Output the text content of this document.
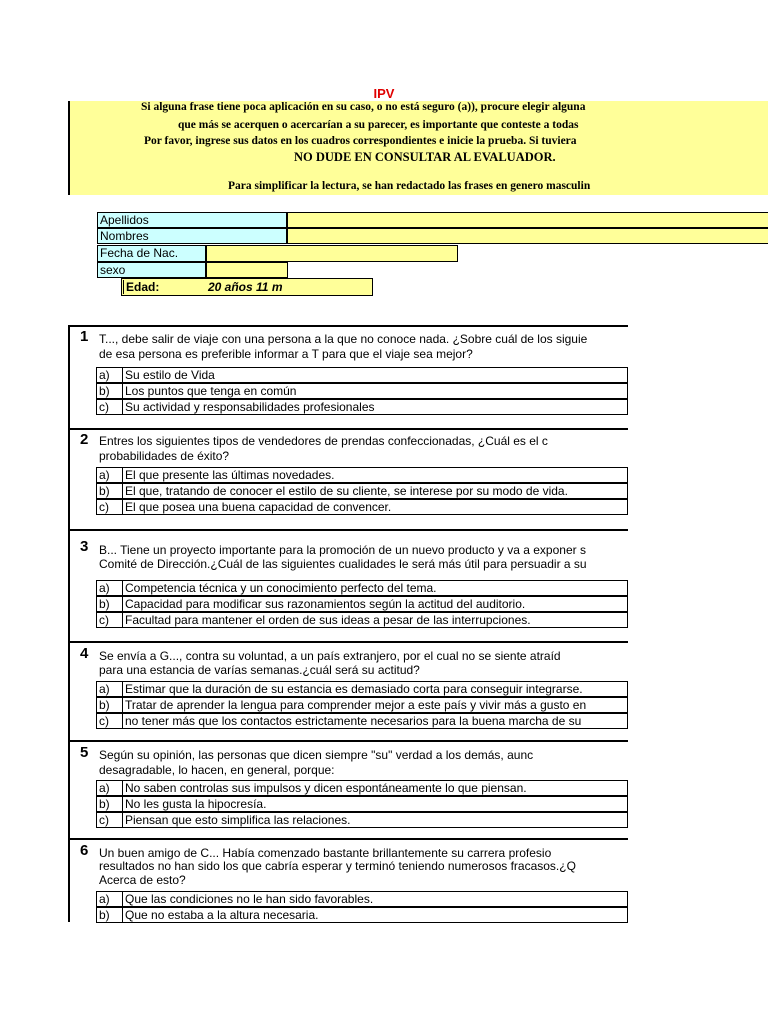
IPV
Si alguna frase tiene poca aplicación en su caso, o no está seguro (a)), procure elegir alguna
que más se acerquen o acercarían a su parecer, es importante que conteste a todas
Por favor, ingrese sus datos en los cuadros correspondientes e inicie la prueba. Si tuviera
NO DUDE EN CONSULTAR AL EVALUADOR.
Para simplificar la lectura, se han redactado las frases en genero masculin
Apellidos
Nombres
Fecha de Nac.
sexo
Edad:	20 años 11 m
1 T..., debe salir de viaje con una persona a la que no conoce nada. ¿Sobre cuál de los siguie
de esa persona es preferible informar a T para que el viaje sea mejor?
a) Su estilo de Vida
b) Los puntos que tenga en común
c) Su actividad y responsabilidades profesionales
2 Entres los siguientes tipos de vendedores de prendas confeccionadas, ¿Cuál es el c
probabilidades de éxito?
a) El que presente las últimas novedades.
b) El que, tratando de conocer el estilo de su cliente, se interese por su modo de vida.
c) El que posea una buena capacidad de convencer.
3 B... Tiene un proyecto importante para la promoción de un nuevo producto y va a exponer s
Comité de Dirección.¿Cuál de las siguientes cualidades le será más útil para persuadir a su
a) Competencia técnica y un conocimiento perfecto del tema.
b) Capacidad para modificar sus razonamientos según la actitud del auditorio.
c) Facultad para mantener el orden de sus ideas a pesar de las interrupciones.
4 Se envía a G..., contra su voluntad, a un país extranjero, por el cual no se siente atraíd
para una estancia de varías semanas.¿cuál será su actitud?
a) Estimar que la duración de su estancia es demasiado corta para conseguir integrarse.
b) Tratar de aprender la lengua para comprender mejor a este país y vivir más a gusto en
c) no tener más que los contactos estrictamente necesarios para la buena marcha de su
5 Según su opinión, las personas que dicen siempre "su" verdad a los demás, aunc
desagradable, lo hacen, en general, porque:
a) No saben controlas sus impulsos y dicen espontáneamente lo que piensan.
b) No les gusta la hipocresía.
c) Piensan que esto simplifica las relaciones.
6 Un buen amigo de C... Había comenzado bastante brillantemente su carrera profesio
resultados no han sido los que cabría esperar y terminó teniendo numerosos fracasos.¿Q
Acerca de esto?
a) Que las condiciones no le han sido favorables.
b) Que no estaba a la altura necesaria.
